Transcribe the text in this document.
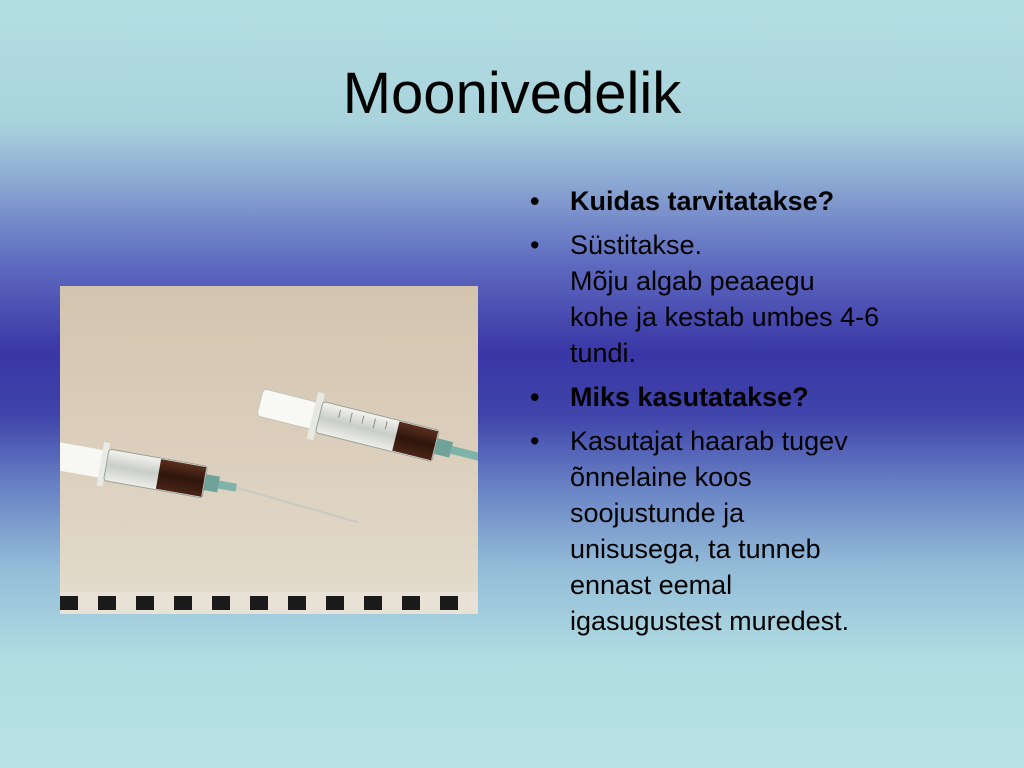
Moonivedelik
•	Kuidas tarvitatakse?
•	Süstitakse.
Mõju algab peaaegu
kohe ja kestab umbes 4-6
tundi.
•	Miks kasutatakse?
•	Kasutajat haarab tugev
õnnelaine koos
soojustunde ja
unisusega, ta tunneb
ennast eemal
igasugustest muredest.
